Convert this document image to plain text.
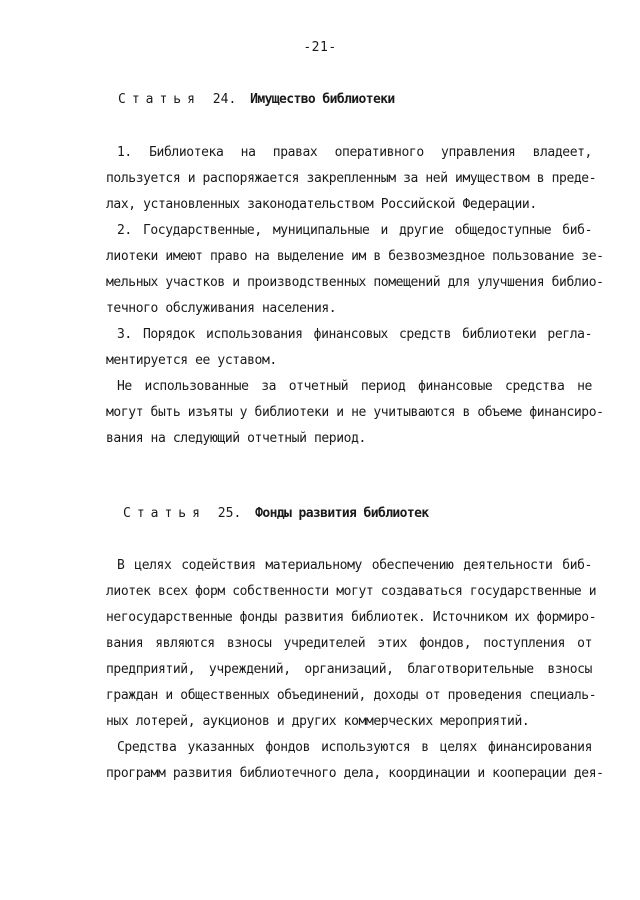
-21-
Статья 24. Имущество библиотеки
1. Библиотека на правах оперативного управления владеет,
пользуется и распоряжается закрепленным за ней имуществом в преде-
лах, установленных законодательством Российской Федерации.
2. Государственные, муниципальные и другие общедоступные биб-
лиотеки имеют право на выделение им в безвозмездное пользование зе-
мельных участков и производственных помещений для улучшения библио-
течного обслуживания населения.
3. Порядок использования финансовых средств библиотеки регла-
ментируется ее уставом.
Не использованные за отчетный период финансовые средства не
могут быть изъяты у библиотеки и не учитываются в объеме финансиро-
вания на следующий отчетный период.
Статья 25. Фонды развития библиотек
В целях содействия материальному обеспечению деятельности биб-
лиотек всех форм собственности могут создаваться государственные и
негосударственные фонды развития библиотек. Источником их формиро-
вания являются взносы учредителей этих фондов, поступления от
предприятий, учреждений, организаций, благотворительные взносы
граждан и общественных объединений, доходы от проведения специаль-
ных лотерей, аукционов и других коммерческих мероприятий.
Средства указанных фондов используются в целях финансирования
программ развития библиотечного дела, координации и кооперации дея-
